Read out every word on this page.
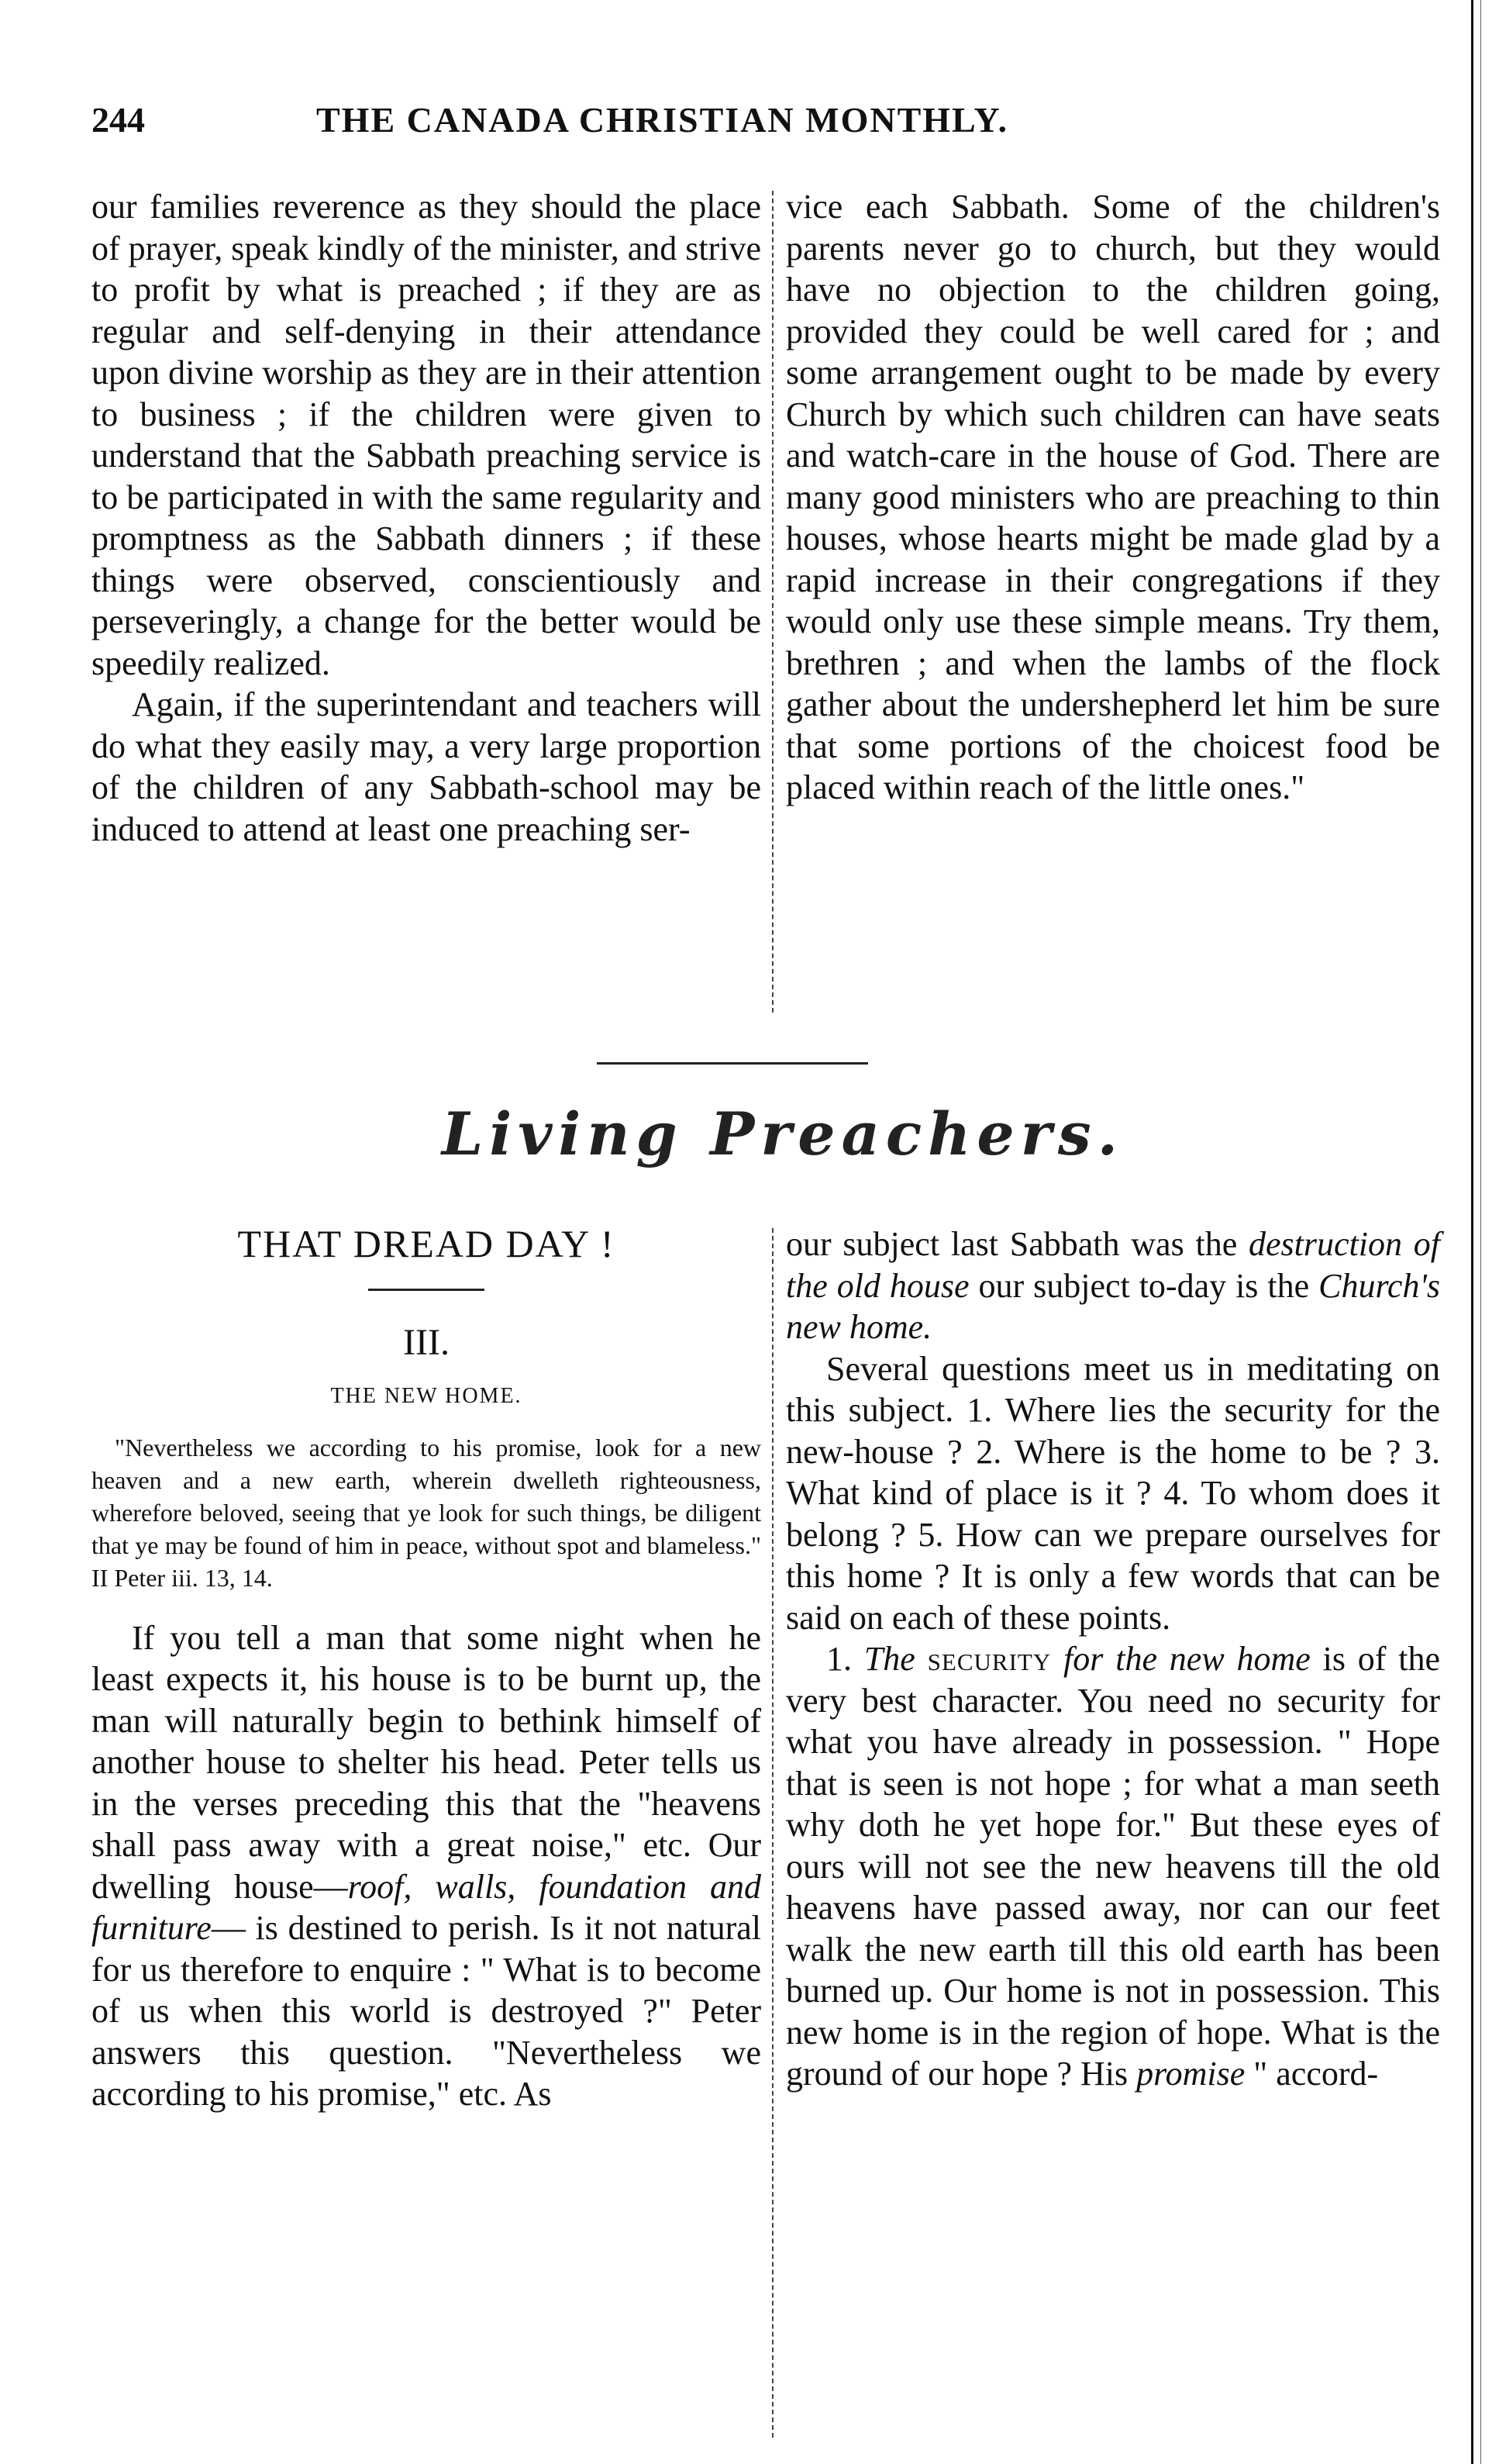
244	THE CANADA CHRISTIAN MONTHLY.

our families reverence as they should the place of prayer, speak kindly of the minister, and strive to profit by what is preached ; if they are as regular and self-denying in their attendance upon divine worship as they are in their attention to business ; if the children were given to understand that the Sabbath preaching service is to be participated in with the same regularity and promptness as the Sabbath dinners ; if these things were observed, conscientiously and perseveringly, a change for the better would be speedily realized.

Again, if the superintendant and teachers will do what they easily may, a very large proportion of the children of any Sabbath-school may be induced to attend at least one preaching ser-

vice each Sabbath. Some of the children's parents never go to church, but they would have no objection to the children going, provided they could be well cared for ; and some arrangement ought to be made by every Church by which such children can have seats and watch-care in the house of God. There are many good ministers who are preaching to thin houses, whose hearts might be made glad by a rapid increase in their congregations if they would only use these simple means. Try them, brethren ; and when the lambs of the flock gather about the undershepherd let him be sure that some portions of the choicest food be placed within reach of the little ones."

Living Preachers.
THAT DREAD DAY !
III.
THE NEW HOME.
"Nevertheless we according to his promise, look for a new heaven and a new earth, wherein dwelleth righteousness, wherefore beloved, seeing that ye look for such things, be diligent that ye may be found of him in peace, without spot and blameless." II Peter iii. 13, 14.

If you tell a man that some night when he least expects it, his house is to be burnt up, the man will naturally begin to bethink himself of another house to shelter his head. Peter tells us in the verses preceding this that the "heavens shall pass away with a great noise," etc. Our dwelling house—roof, walls, foundation and furniture— is destined to perish. Is it not natural for us therefore to enquire : " What is to become of us when this world is destroyed ?" Peter answers this question. "Nevertheless we according to his promise," etc. As

our subject last Sabbath was the destruction of the old house our subject to-day is the Church's new home.

Several questions meet us in meditating on this subject. 1. Where lies the security for the new-house ? 2. Where is the home to be ? 3. What kind of place is it ? 4. To whom does it belong ? 5. How can we prepare ourselves for this home ? It is only a few words that can be said on each of these points.

1. The security for the new home is of the very best character. You need no security for what you have already in possession. " Hope that is seen is not hope ; for what a man seeth why doth he yet hope for." But these eyes of ours will not see the new heavens till the old heavens have passed away, nor can our feet walk the new earth till this old earth has been burned up. Our home is not in possession. This new home is in the region of hope. What is the ground of our hope ? His promise " accord-
